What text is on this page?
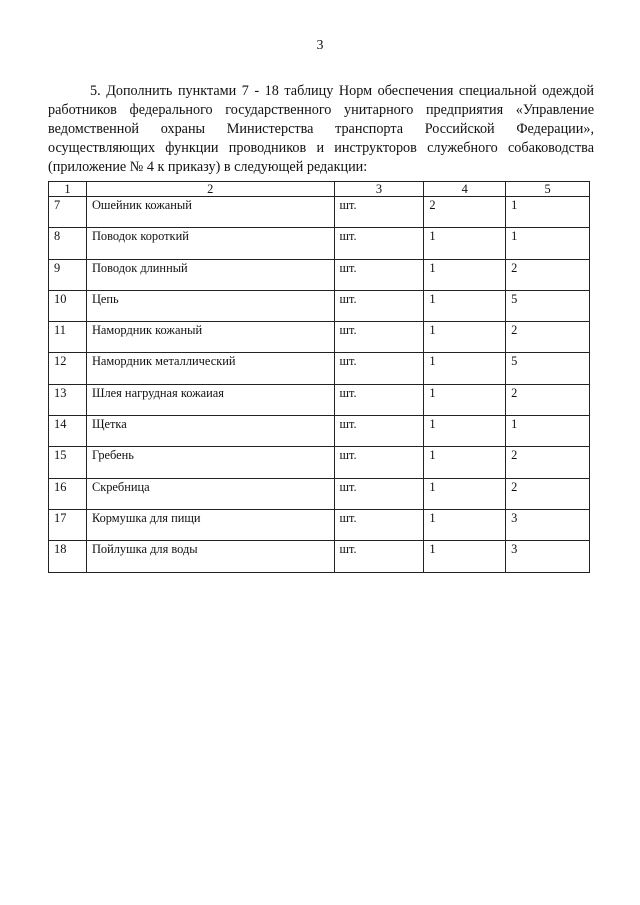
3

5. Дополнить пунктами 7 - 18 таблицу Норм обеспечения специальной одеждой работников федерального государственного унитарного предприятия «Управление ведомственной охраны Министерства транспорта Российской Федерации», осуществляющих функции проводников и инструкторов служебного собаководства (приложение № 4 к приказу) в следующей редакции:

1	2	3	4	5
7	Ошейник кожаный	шт.	2	1
8	Поводок короткий	шт.	1	1
9	Поводок длинный	шт.	1	2
10	Цепь	шт.	1	5
11	Намордник кожаный	шт.	1	2
12	Намордник металлический	шт.	1	5
13	Шлея нагрудная кожаиая	шт.	1	2
14	Щетка	шт.	1	1
15	Гребень	шт.	1	2
16	Скребница	шт.	1	2
17	Кормушка для пищи	шт.	1	3
18	Пойлушка для воды	шт.	1	3
